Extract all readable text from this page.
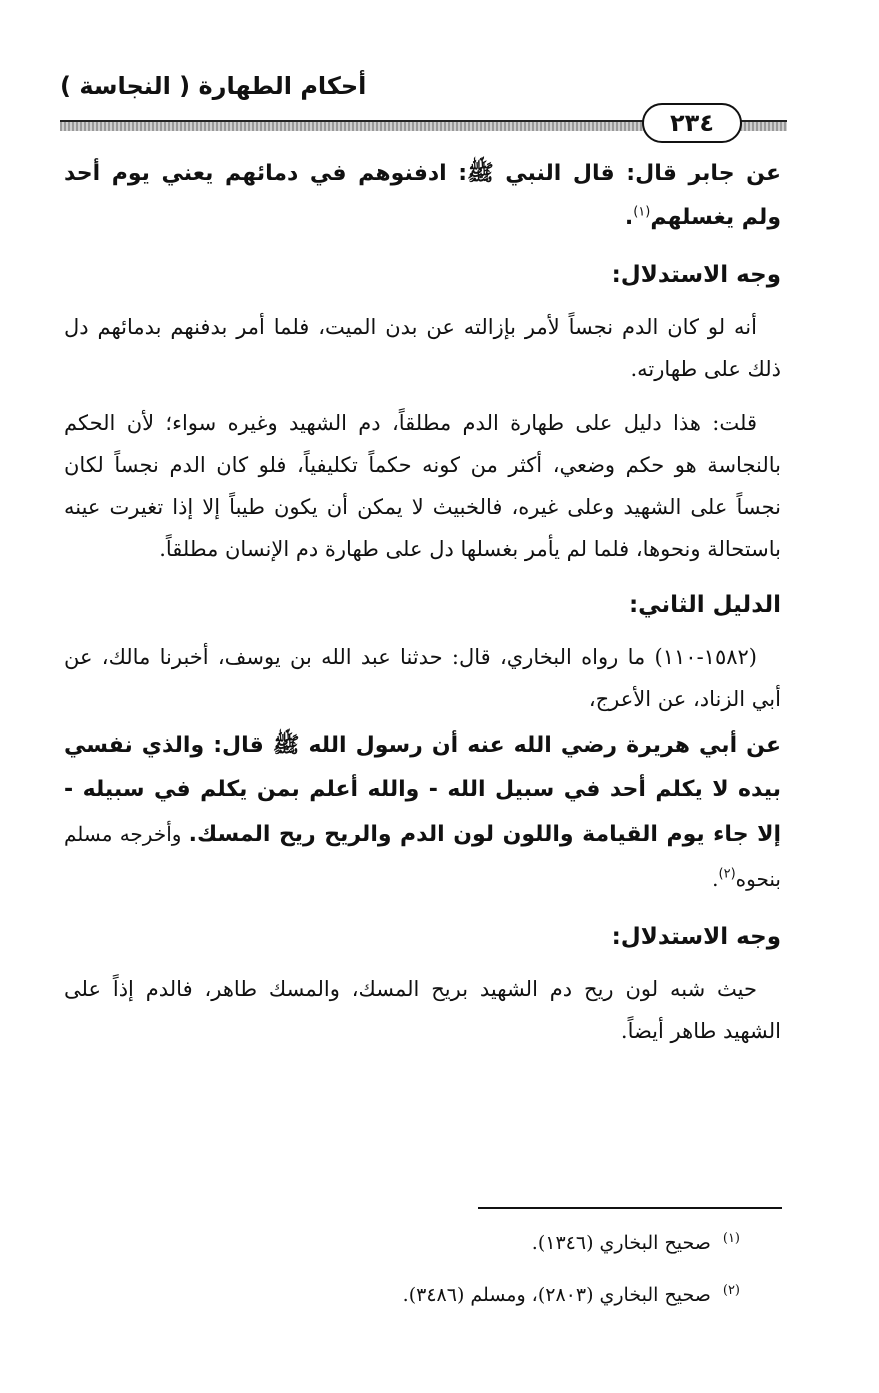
أحكام الطهارة ( النجاسة )
٢٣٤

عن جابر قال: قال النبي ﷺ: ادفنوهم في دمائهم يعني يوم أحد ولم يغسلهم$^{(١)}$.

وجه الاستدلال:

أنه لو كان الدم نجساً لأمر بإزالته عن بدن الميت، فلما أمر بدفنهم بدمائهم دل ذلك على طهارته.

قلت: هذا دليل على طهارة الدم مطلقاً، دم الشهيد وغيره سواء؛ لأن الحكم بالنجاسة هو حكم وضعي، أكثر من كونه حكماً تكليفياً، فلو كان الدم نجساً لكان نجساً على الشهيد وعلى غيره، فالخبيث لا يمكن أن يكون طيباً إلا إذا تغيرت عينه باستحالة ونحوها، فلما لم يأمر بغسلها دل على طهارة دم الإنسان مطلقاً.

الدليل الثاني:

(١٥٨٢-١١٠) ما رواه البخاري، قال: حدثنا عبد الله بن يوسف، أخبرنا مالك، عن أبي الزناد، عن الأعرج،

عن أبي هريرة رضي الله عنه أن رسول الله ﷺ قال: والذي نفسي بيده لا يكلم أحد في سبيل الله - والله أعلم بمن يكلم في سبيله - إلا جاء يوم القيامة واللون لون الدم والريح ريح المسك. وأخرجه مسلم بنحوه$^{(٢)}$.

وجه الاستدلال:

حيث شبه لون ريح دم الشهيد بريح المسك، والمسك طاهر، فالدم إذاً على الشهيد طاهر أيضاً.

$^{(١)}$صحيح البخاري (١٣٤٦).
$^{(٢)}$صحيح البخاري (٢٨٠٣)، ومسلم (٣٤٨٦).
